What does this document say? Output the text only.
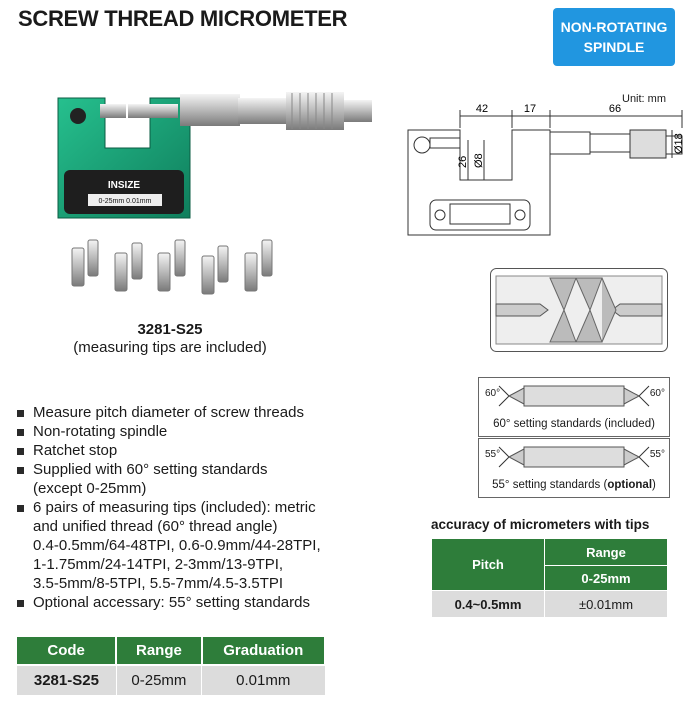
SCREW THREAD MICROMETER	NON-ROTATING
SPINDLE
INSIZE
0-25mm 0.01mm
3281-S25
(measuring tips are included)
Unit: mm
42	17	66
26 Ø8
Ø18
60°	60°
60° setting standards (included)
55°	55°
55° setting standards (optional)
Measure pitch diameter of screw threads
Non-rotating spindle
Ratchet stop
Supplied with 60° setting standards
(except 0-25mm)
6 pairs of measuring tips (included): metric
and unified thread (60° thread angle)
0.4-0.5mm/64-48TPI, 0.6-0.9mm/44-28TPI,
1-1.75mm/24-14TPI, 2-3mm/13-9TPI,
3.5-5mm/8-5TPI, 5.5-7mm/4.5-3.5TPI
Optional accessary: 55° setting standards
Code	Range	Graduation
3281-S25	0-25mm	0.01mm
accuracy of micrometers with tips
Pitch	Range
	0-25mm
0.4~0.5mm	±0.01mm
